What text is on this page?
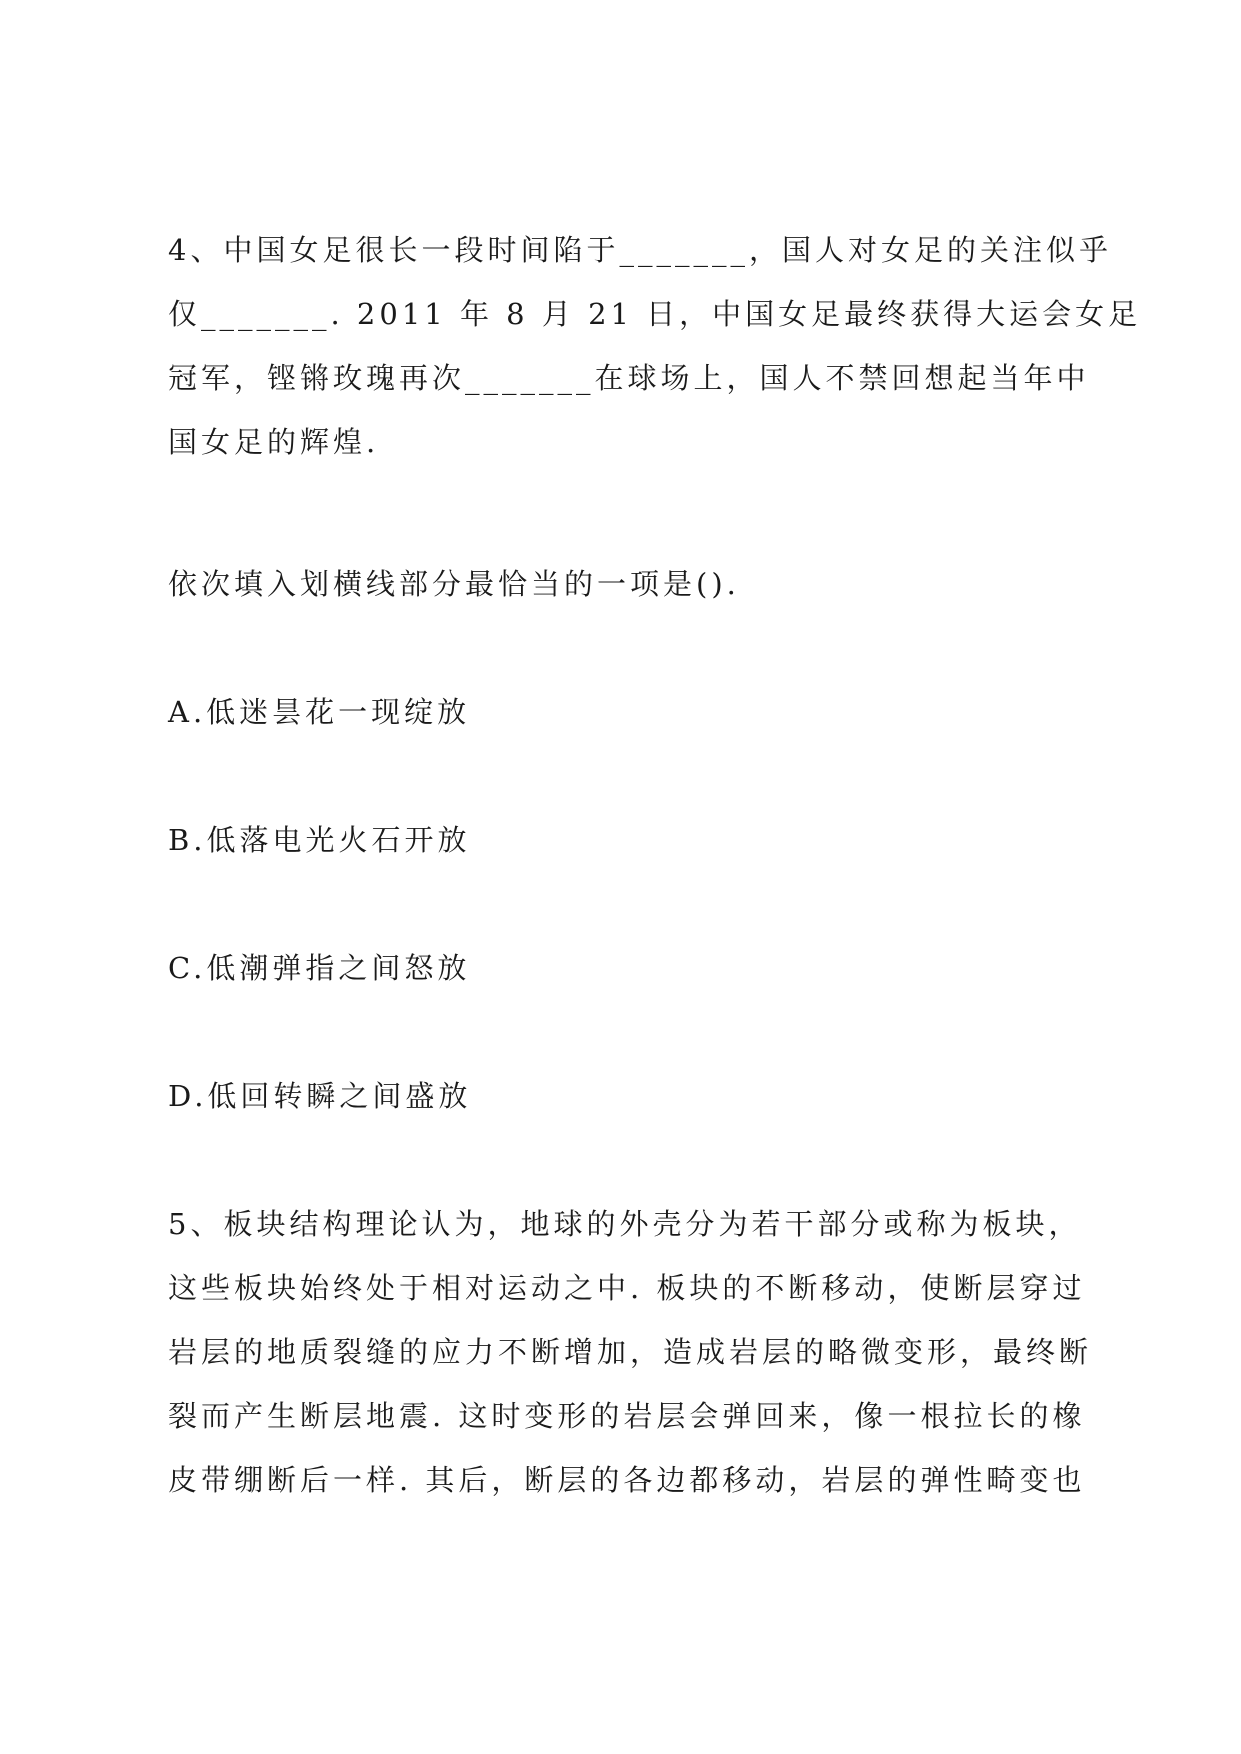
4、中国女足很长一段时间陷于_______，国人对女足的关注似乎
仅_______. 2011 年 8 月 21 日，中国女足最终获得大运会女足
冠军，铿锵玫瑰再次_______在球场上，国人不禁回想起当年中
国女足的辉煌.
依次填入划横线部分最恰当的一项是().
A.低迷昙花一现绽放
B.低落电光火石开放
C.低潮弹指之间怒放
D.低回转瞬之间盛放
5、板块结构理论认为，地球的外壳分为若干部分或称为板块，
这些板块始终处于相对运动之中. 板块的不断移动，使断层穿过
岩层的地质裂缝的应力不断增加，造成岩层的略微变形，最终断
裂而产生断层地震. 这时变形的岩层会弹回来，像一根拉长的橡
皮带绷断后一样. 其后，断层的各边都移动，岩层的弹性畸变也
